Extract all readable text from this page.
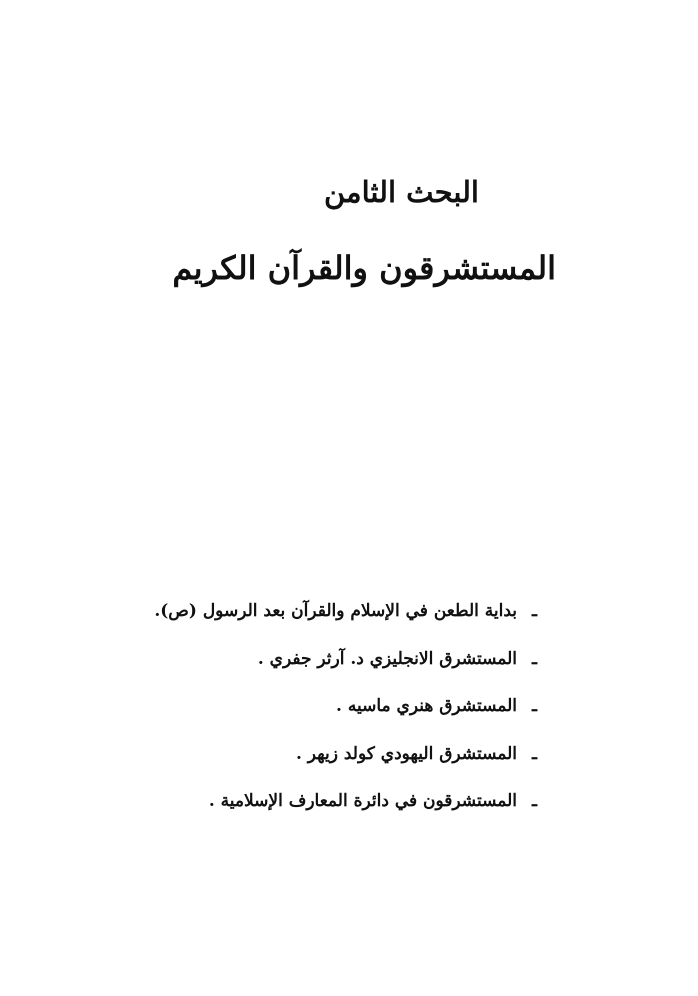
البحث الثامن
المستشرقون والقرآن الكريم
ـ
بداية الطعن في الإسلام والقرآن بعد الرسول (ص).
ـ
المستشرق الانجليزي د. آرثر جفري .
ـ
المستشرق هنري ماسيه .
ـ
المستشرق اليهودي كولد زيهر .
ـ
المستشرقون في دائرة المعارف الإسلامية .
